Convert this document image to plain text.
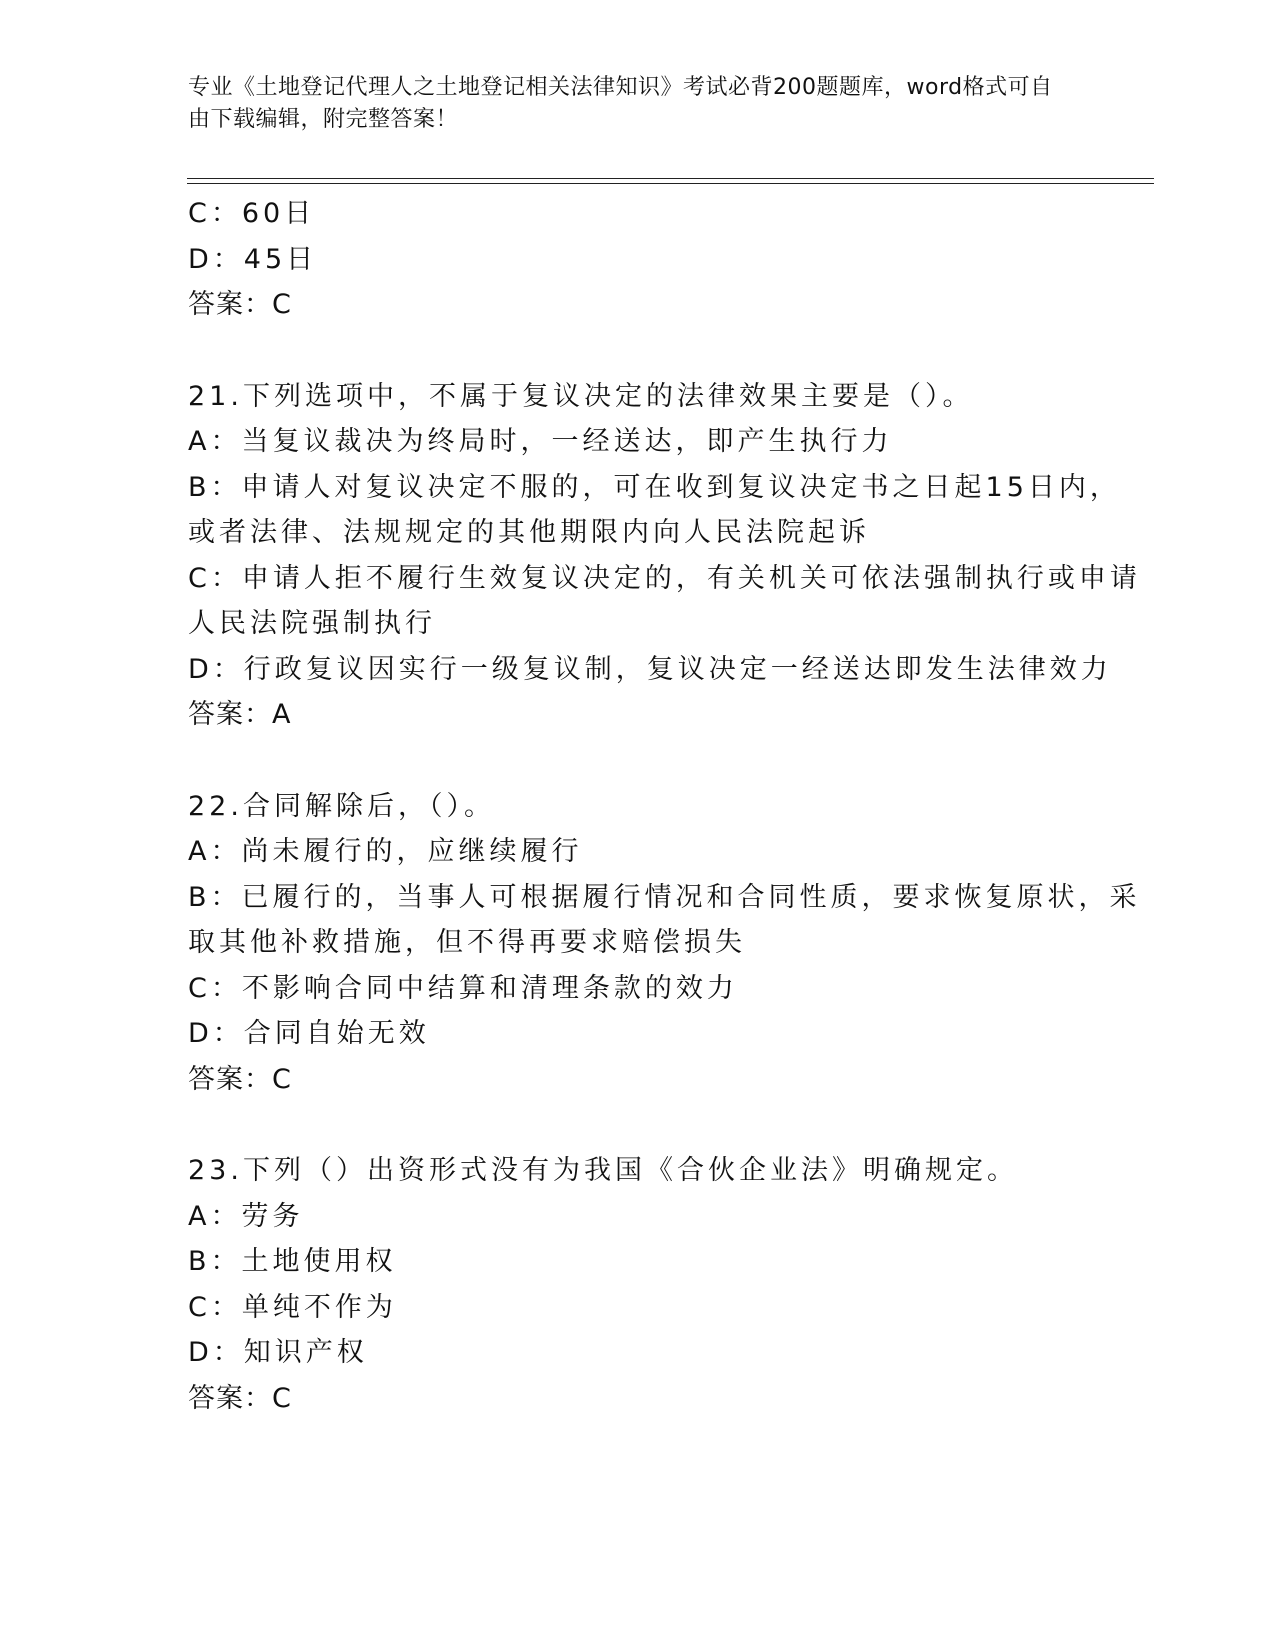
专业《土地登记代理人之土地登记相关法律知识》考试必背200题题库，word格式可自由下载编辑，附完整答案！
C：60日
D：45日
答案：C
21.下列选项中，不属于复议决定的法律效果主要是（）。
A：当复议裁决为终局时，一经送达，即产生执行力
B：申请人对复议决定不服的，可在收到复议决定书之日起15日内，
或者法律、法规规定的其他期限内向人民法院起诉
C：申请人拒不履行生效复议决定的，有关机关可依法强制执行或申请
人民法院强制执行
D：行政复议因实行一级复议制，复议决定一经送达即发生法律效力
答案：A
22.合同解除后，（）。
A：尚未履行的，应继续履行
B：已履行的，当事人可根据履行情况和合同性质，要求恢复原状，采
取其他补救措施，但不得再要求赔偿损失
C：不影响合同中结算和清理条款的效力
D：合同自始无效
答案：C
23.下列（）出资形式没有为我国《合伙企业法》明确规定。
A：劳务
B：土地使用权
C：单纯不作为
D：知识产权
答案：C
